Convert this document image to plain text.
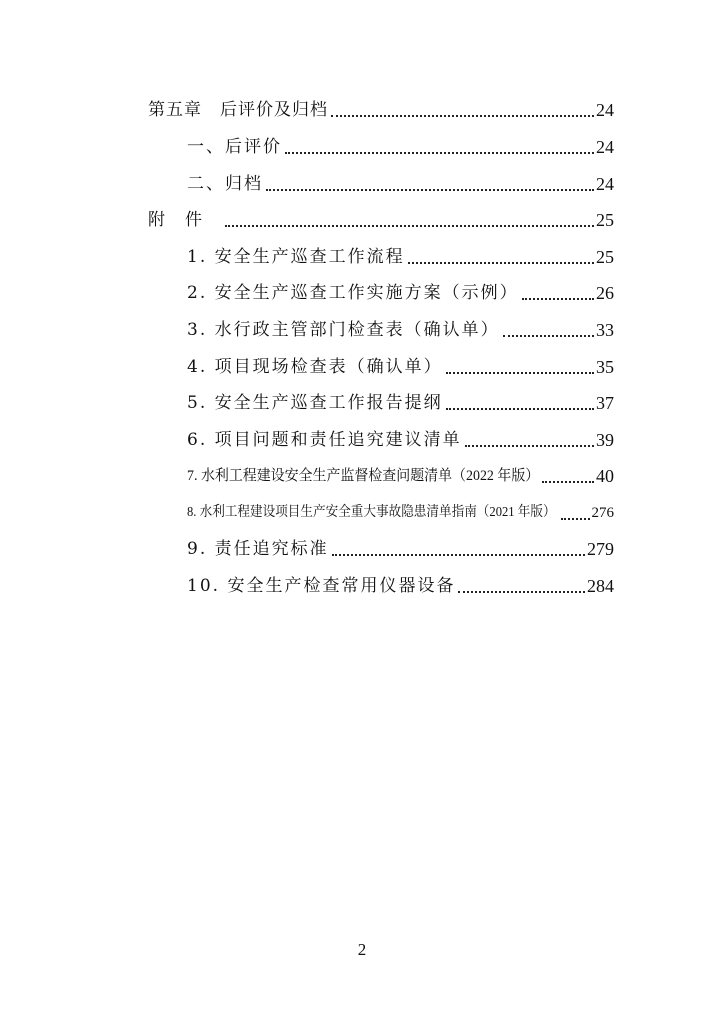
第五章　后评价及归档	24
一、后评价	24
二、归档	24
附件	25
1. 安全生产巡查工作流程	25
2. 安全生产巡查工作实施方案（示例）	26
3. 水行政主管部门检查表（确认单）	33
4. 项目现场检查表（确认单）	35
5. 安全生产巡查工作报告提纲	37
6. 项目问题和责任追究建议清单	39
7. 水利工程建设安全生产监督检查问题清单（2022 年版）	40
8. 水利工程建设项目生产安全重大事故隐患清单指南（2021 年版） 276
9. 责任追究标准	279
10. 安全生产检查常用仪器设备	284
2
